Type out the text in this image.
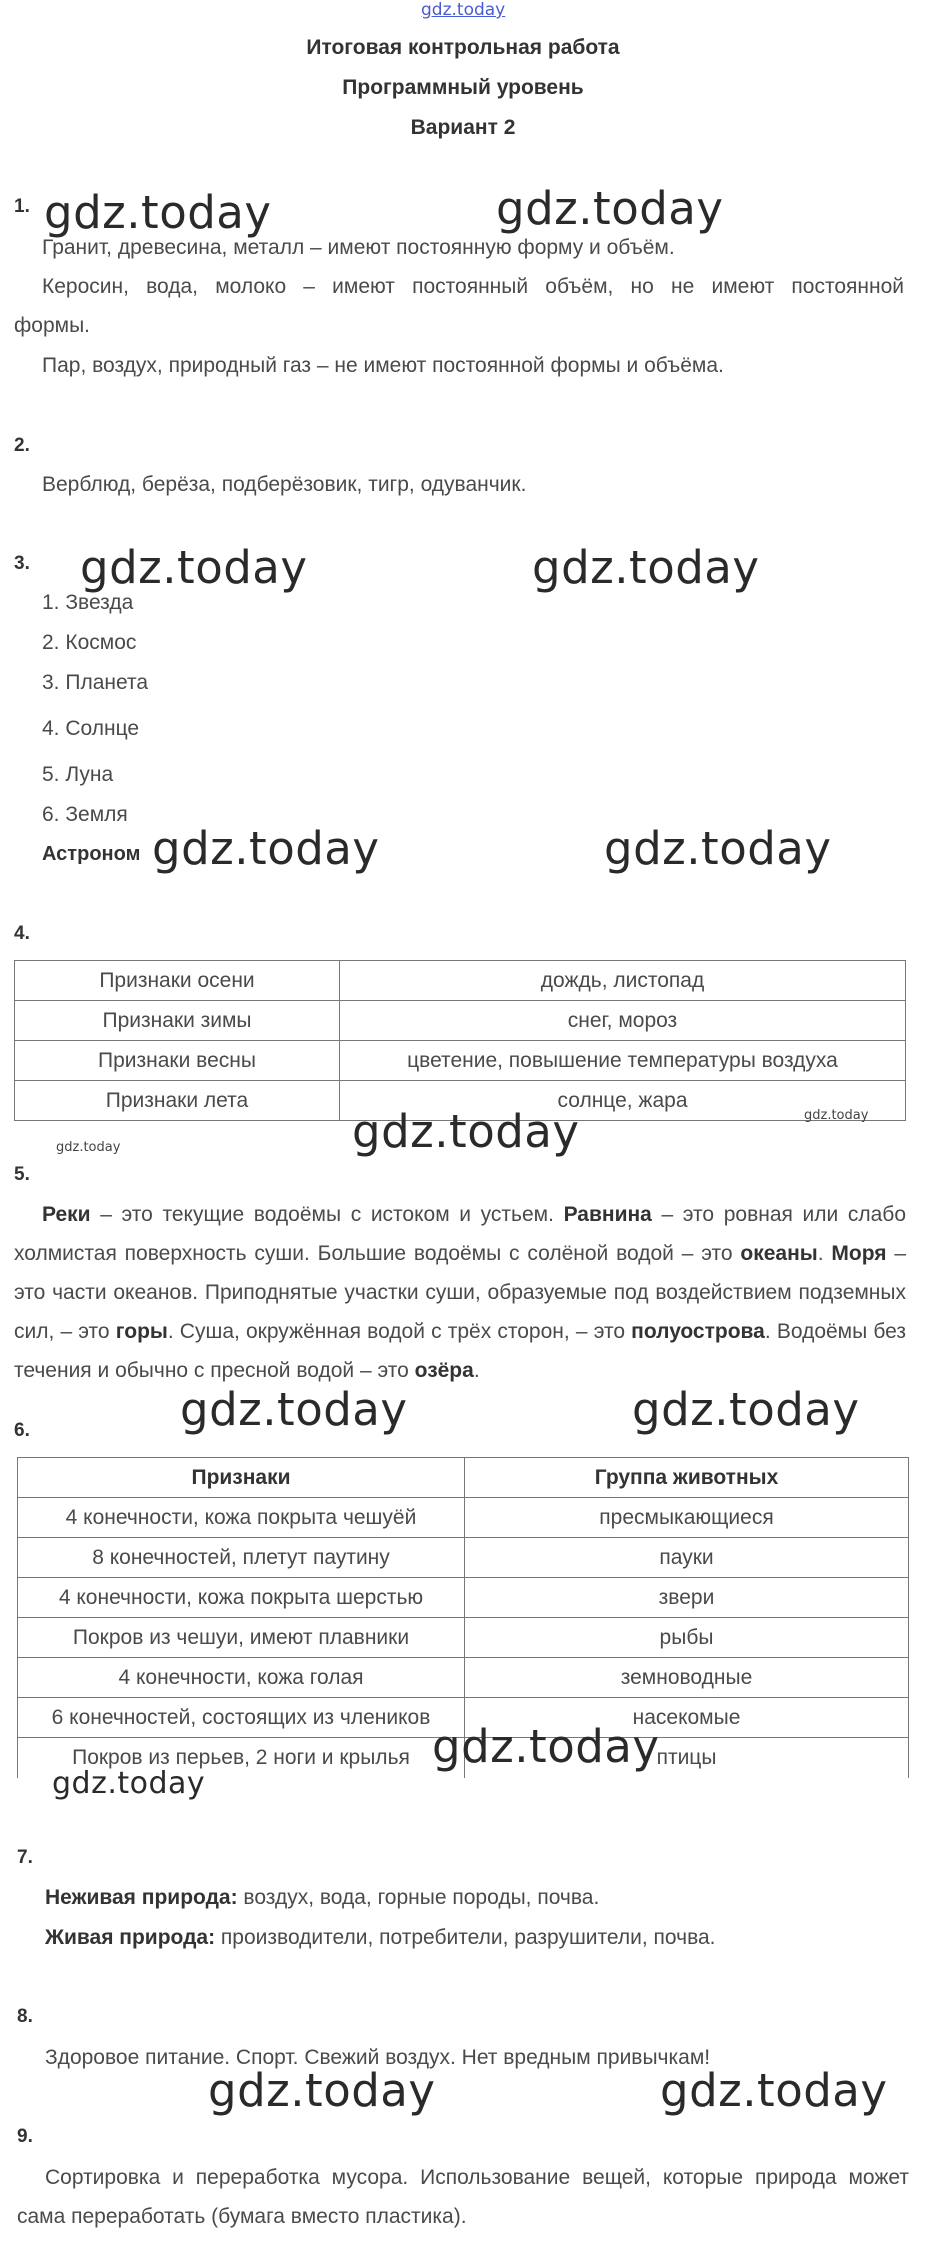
gdz.today
Итоговая контрольная работа
Программный уровень
Вариант 2
1.
Гранит, древесина, металл – имеют постоянную форму и объём.
Керосин, вода, молоко – имеют постоянный объём, но не имеют постоянной
формы.
Пар, воздух, природный газ – не имеют постоянной формы и объёма.
2.
Верблюд, берёза, подберёзовик, тигр, одуванчик.
3.
1. Звезда
2. Космос
3. Планета
4. Солнце
5. Луна
6. Земля
Астроном
4.
Признаки осени	дождь, листопад
Признаки зимы	снег, мороз
Признаки весны	цветение, повышение температуры воздуха
Признаки лета	солнце, жара
gdz.today
gdz.today
5.
Реки – это текущие водоёмы с истоком и устьем. Равнина – это ровная или слабо холмистая поверхность суши. Большие водоёмы с солёной водой – это океаны. Моря – это части океанов. Приподнятые участки суши, образуемые под воздействием подземных сил, – это горы. Суша, окружённая водой с трёх сторон, – это полуострова. Водоёмы без течения и обычно с пресной водой – это озёра.
6.
Признаки	Группа животных
4 конечности, кожа покрыта чешуёй	пресмыкающиеся
8 конечностей, плетут паутину	пауки
4 конечности, кожа покрыта шерстью	звери
Покров из чешуи, имеют плавники	рыбы
4 конечности, кожа голая	земноводные
6 конечностей, состоящих из члеников	насекомые
Покров из перьев, 2 ноги и крылья	птицы
7.
Неживая природа: воздух, вода, горные породы, почва.
Живая природа: производители, потребители, разрушители, почва.
8.
Здоровое питание. Спорт. Свежий воздух. Нет вредным привычкам!
9.
Сортировка и переработка мусора. Использование вещей, которые природа может сама переработать (бумага вместо пластика).
gdz.today	gdz.today
gdz.today	gdz.today
gdz.today	gdz.today
gdz.today
gdz.today	gdz.today
gdz.today
gdz.today
gdz.today	gdz.today
